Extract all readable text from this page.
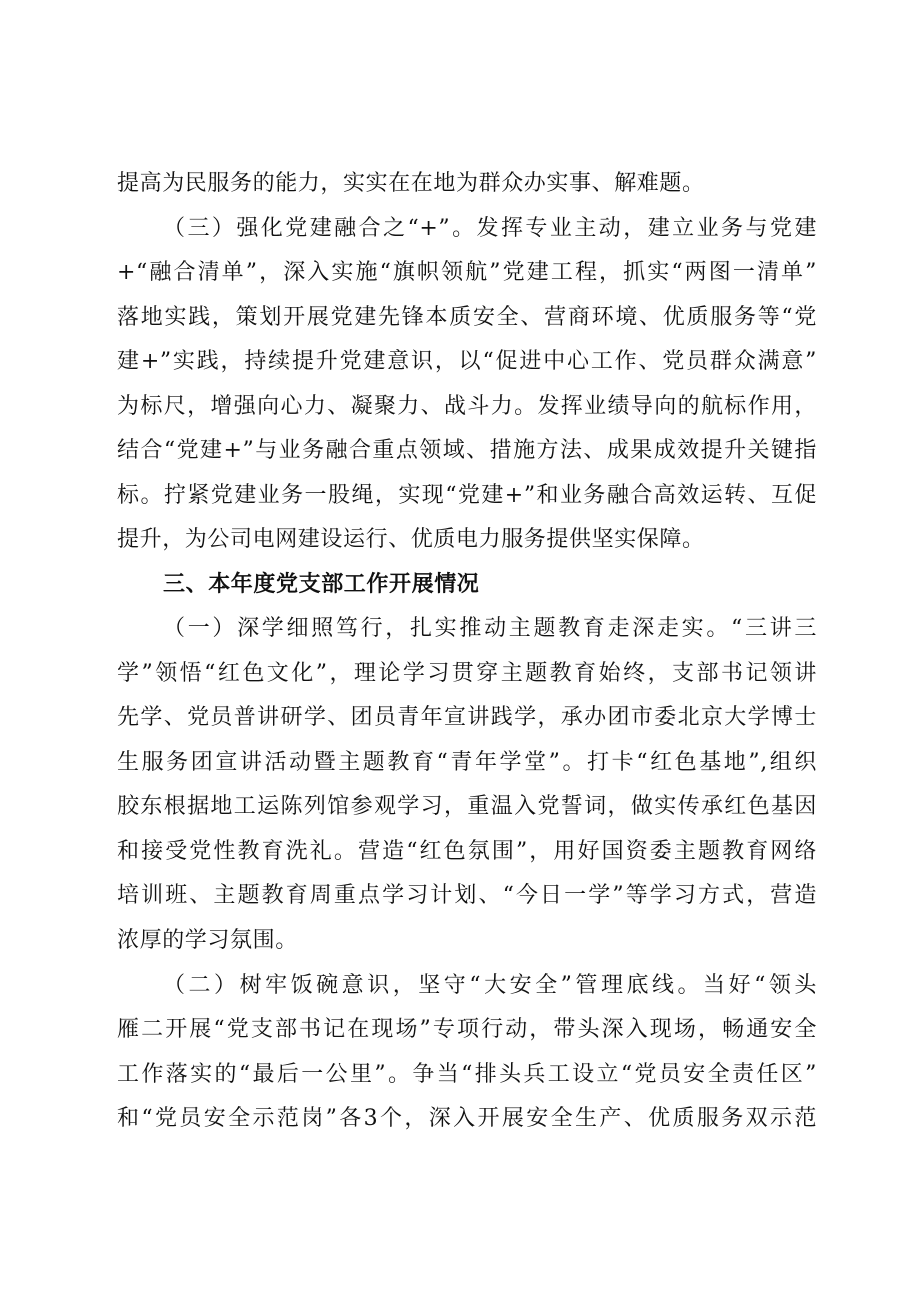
提高为民服务的能力，实实在在地为群众办实事、解难题。
（三）强化党建融合之“+”。发挥专业主动，建立业务与党建
+“融合清单”，深入实施“旗帜领航”党建工程，抓实“两图一清单”
落地实践，策划开展党建先锋本质安全、营商环境、优质服务等“党
建+”实践，持续提升党建意识，以“促进中心工作、党员群众满意”
为标尺，增强向心力、凝聚力、战斗力。发挥业绩导向的航标作用，
结合“党建+”与业务融合重点领域、措施方法、成果成效提升关键指
标。拧紧党建业务一股绳，实现“党建+”和业务融合高效运转、互促
提升，为公司电网建设运行、优质电力服务提供坚实保障。
三、本年度党支部工作开展情况
（一）深学细照笃行，扎实推动主题教育走深走实。“三讲三
学”领悟“红色文化”，理论学习贯穿主题教育始终，支部书记领讲
先学、党员普讲研学、团员青年宣讲践学，承办团市委北京大学博士
生服务团宣讲活动暨主题教育“青年学堂”。打卡“红色基地”,组织
胶东根据地工运陈列馆参观学习，重温入党誓词，做实传承红色基因
和接受党性教育洗礼。营造“红色氛围”，用好国资委主题教育网络
培训班、主题教育周重点学习计划、“今日一学”等学习方式，营造
浓厚的学习氛围。
（二）树牢饭碗意识，坚守“大安全”管理底线。当好“领头
雁二开展“党支部书记在现场”专项行动，带头深入现场，畅通安全
工作落实的“最后一公里”。争当“排头兵工设立“党员安全责任区”
和“党员安全示范岗”各3个，深入开展安全生产、优质服务双示范
